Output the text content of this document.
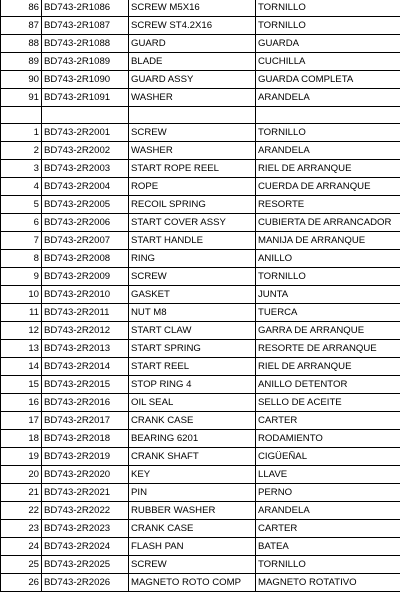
86	BD743-2R1086	SCREW M5X16	TORNILLO
87	BD743-2R1087	SCREW ST4.2X16	TORNILLO
88	BD743-2R1088	GUARD	GUARDA
89	BD743-2R1089	BLADE	CUCHILLA
90	BD743-2R1090	GUARD ASSY	GUARDA COMPLETA
91	BD743-2R1091	WASHER	ARANDELA

1	BD743-2R2001	SCREW	TORNILLO
2	BD743-2R2002	WASHER	ARANDELA
3	BD743-2R2003	START ROPE REEL	RIEL DE ARRANQUE
4	BD743-2R2004	ROPE	CUERDA DE ARRANQUE
5	BD743-2R2005	RECOIL SPRING	RESORTE
6	BD743-2R2006	START COVER ASSY	CUBIERTA DE ARRANCADOR
7	BD743-2R2007	START HANDLE	MANIJA DE ARRANQUE
8	BD743-2R2008	RING	ANILLO
9	BD743-2R2009	SCREW	TORNILLO
10	BD743-2R2010	GASKET	JUNTA
11	BD743-2R2011	NUT M8	TUERCA
12	BD743-2R2012	START CLAW	GARRA DE ARRANQUE
13	BD743-2R2013	START SPRING	RESORTE DE ARRANQUE
14	BD743-2R2014	START REEL	RIEL DE ARRANQUE
15	BD743-2R2015	STOP RING 4	ANILLO DETENTOR
16	BD743-2R2016	OIL SEAL	SELLO DE ACEITE
17	BD743-2R2017	CRANK CASE	CARTER
18	BD743-2R2018	BEARING 6201	RODAMIENTO
19	BD743-2R2019	CRANK SHAFT	CIGÜEÑAL
20	BD743-2R2020	KEY	LLAVE
21	BD743-2R2021	PIN	PERNO
22	BD743-2R2022	RUBBER WASHER	ARANDELA
23	BD743-2R2023	CRANK CASE	CARTER
24	BD743-2R2024	FLASH PAN	BATEA
25	BD743-2R2025	SCREW	TORNILLO
26	BD743-2R2026	MAGNETO ROTO COMP	MAGNETO ROTATIVO
